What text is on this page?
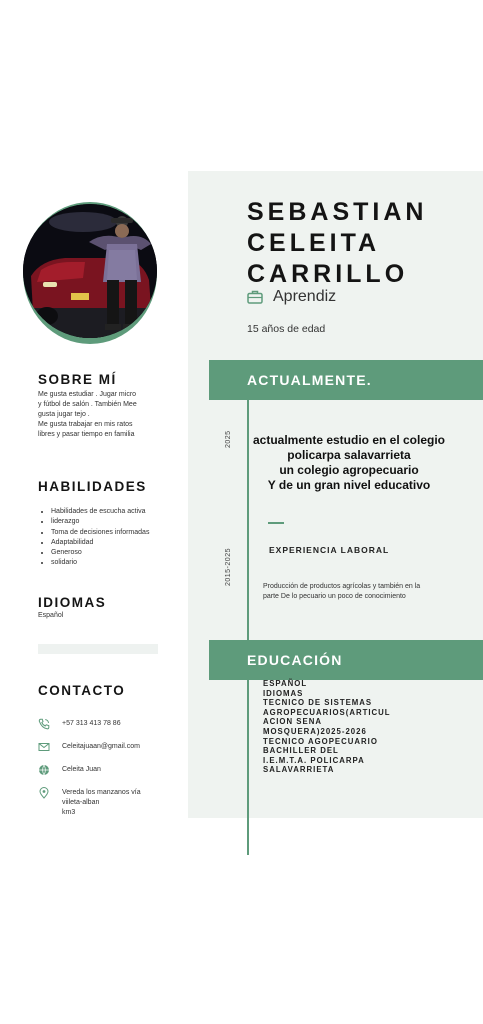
SEBASTIAN
CELEITA
CARRILLO
Aprendiz
15 años de edad
ACTUALMENTE.
2025	actualmente estudio en el colegio
policarpa salavarrieta
un colegio agropecuario
Y de un gran nivel educativo
2015-2025	EXPERIENCIA LABORAL
Producción de productos agrícolas y también en la
parte De lo pecuario un poco de conocimiento
EDUCACIÓN
ESPAÑOL
IDIOMAS
TECNICO DE SISTEMAS
AGROPECUARIOS(ARTICUL
ACION SENA
MOSQUERA)2025-2026
TECNICO AGOPECUARIO
BACHILLER DEL
I.E.M.T.A. POLICARPA
SALAVARRIETA
SOBRE MÍ
Me gusta estudiar . Jugar micro
y fútbol de salón . También Mee
gusta jugar tejo .
Me gusta trabajar en mis ratos
libres y pasar tiempo en familia
HABILIDADES
• Habilidades de escucha activa
• liderazgo
• Toma de decisiones informadas
• Adaptabilidad
• Generoso
• solidario
IDIOMAS
Español
CONTACTO
+57 313 413 78 86
Celeitajuaan@gmail.com
Celeita Juan
Vereda los manzanos vía
viileta-alban
km3
